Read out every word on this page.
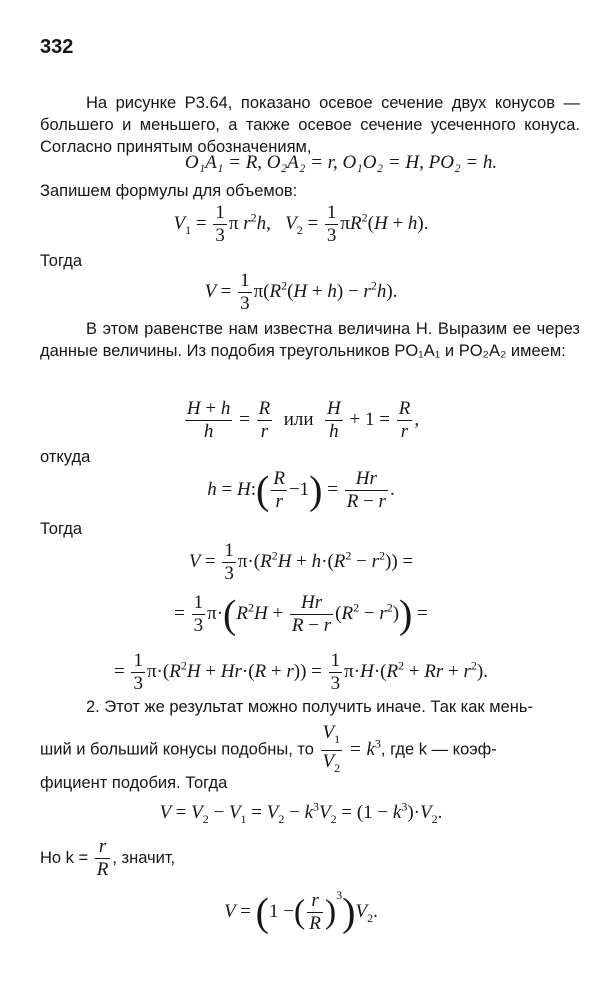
332
На рисунке Р3.64, показано осевое сечение двух конусов — большего и меньшего, а также осевое сечение усеченного конуса. Согласно принятым обозначениям,
O₁A₁ = R, O₂A₂ = r, O₁O₂ = H, PO₂ = h.
Запишем формулы для объемов:
$V_1 = \frac{1}{3}$ π $r^2h$,   $V_2 = \frac{1}{3} \pi R^2(H + h)$.
Тогда
$V = \frac{1}{3} \pi(R^2(H + h) - r^2h)$.
В этом равенстве нам известна величина H. Выразим ее через данные величины. Из подобия треугольников PO₁A₁ и PO₂A₂ имеем:
$\frac{H + h}{h} = \frac{R}{r}$ или $\frac{H}{h} + 1 = \frac{R}{r}$ ,
откуда
h = H:( $\frac{R}{r} -1) = \frac{Hr}{R - r}$ .
Тогда
$V = \frac{1}{3} \pi\cdot(R^2H + h\cdot(R^2 - r^2))$ =
= $\frac{1}{3} \pi\cdot(R^2H + \frac{Hr}{R - r} (R^2 - r^2))$ =
= $\frac{1}{3} \pi\cdot(R^2H + Hr\cdot(R + r)) = \frac{1}{3} \pi\cdot H\cdot(R^2 + Rr + r^2)$.
2. Этот же результат можно получить иначе. Так как мень-
ший и больший конусы подобны, то $\frac{V_1}{V_2} = k^3$, где k — коэф-
фициент подобия. Тогда
$V = V_2 - V_1 = V_2 - k^3V_2 = (1 - k^3)\cdot V_2$.
Но $k = \frac{r}{R}$ , значит,
V = (1 −( $\frac{r}{R} )^3)V_2$.
